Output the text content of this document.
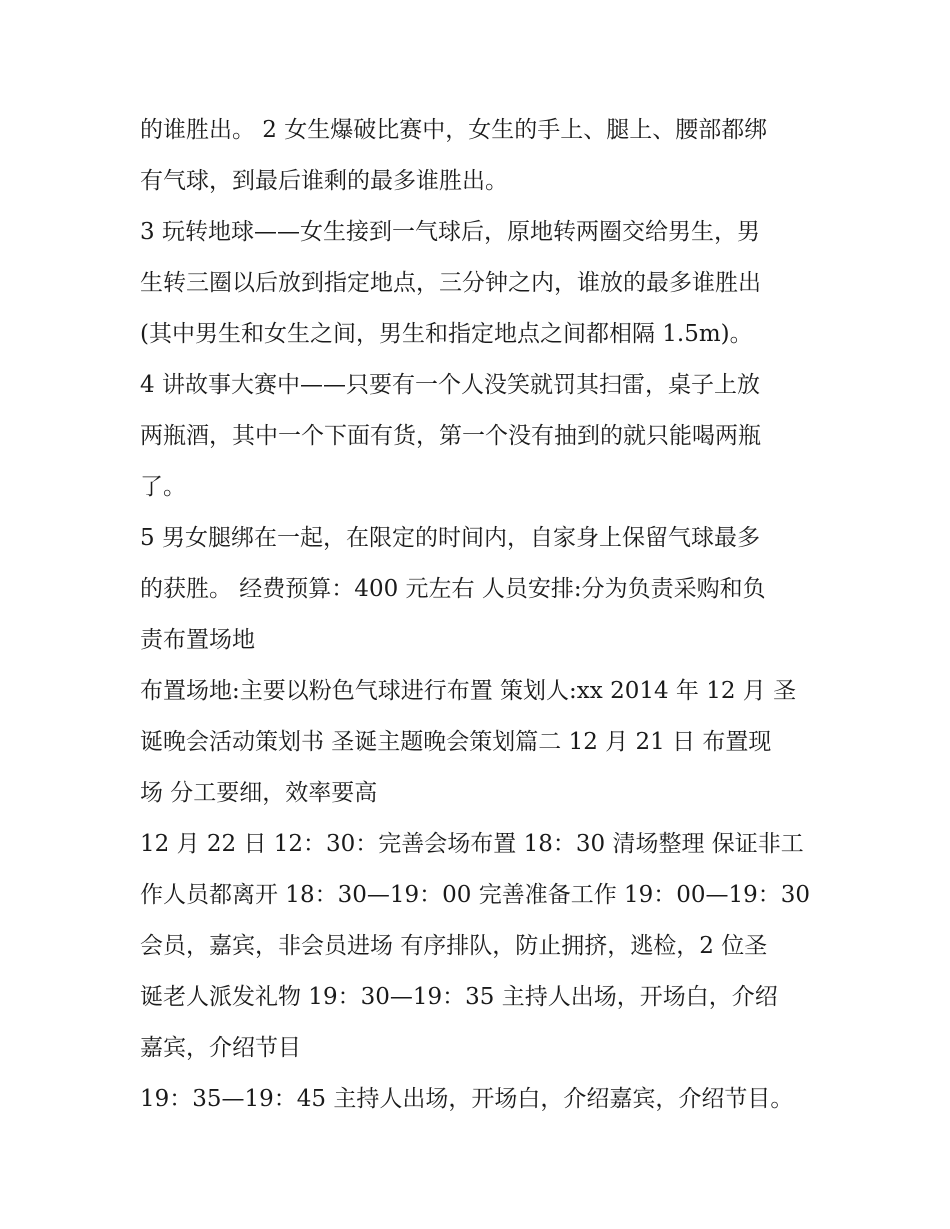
的谁胜出。 2 女生爆破比赛中，女生的手上、腿上、腰部都绑
有气球，到最后谁剩的最多谁胜出。
3 玩转地球——女生接到一气球后，原地转两圈交给男生，男
生转三圈以后放到指定地点，三分钟之内，谁放的最多谁胜出
(其中男生和女生之间，男生和指定地点之间都相隔 1.5m)。
4 讲故事大赛中——只要有一个人没笑就罚其扫雷，桌子上放
两瓶酒，其中一个下面有货，第一个没有抽到的就只能喝两瓶
了。
5 男女腿绑在一起，在限定的时间内，自家身上保留气球最多
的获胜。 经费预算：400 元左右 人员安排:分为负责采购和负
责布置场地
布置场地:主要以粉色气球进行布置 策划人:xx 2014 年 12 月 圣
诞晚会活动策划书 圣诞主题晚会策划篇二 12 月 21 日 布置现
场 分工要细，效率要高
12 月 22 日 12：30：完善会场布置 18：30 清场整理 保证非工
作人员都离开 18：30—19：00 完善准备工作 19：00—19：30
会员，嘉宾，非会员进场 有序排队，防止拥挤，逃检，2 位圣
诞老人派发礼物 19：30—19：35 主持人出场，开场白，介绍
嘉宾，介绍节目
19：35—19：45 主持人出场，开场白，介绍嘉宾，介绍节目。
